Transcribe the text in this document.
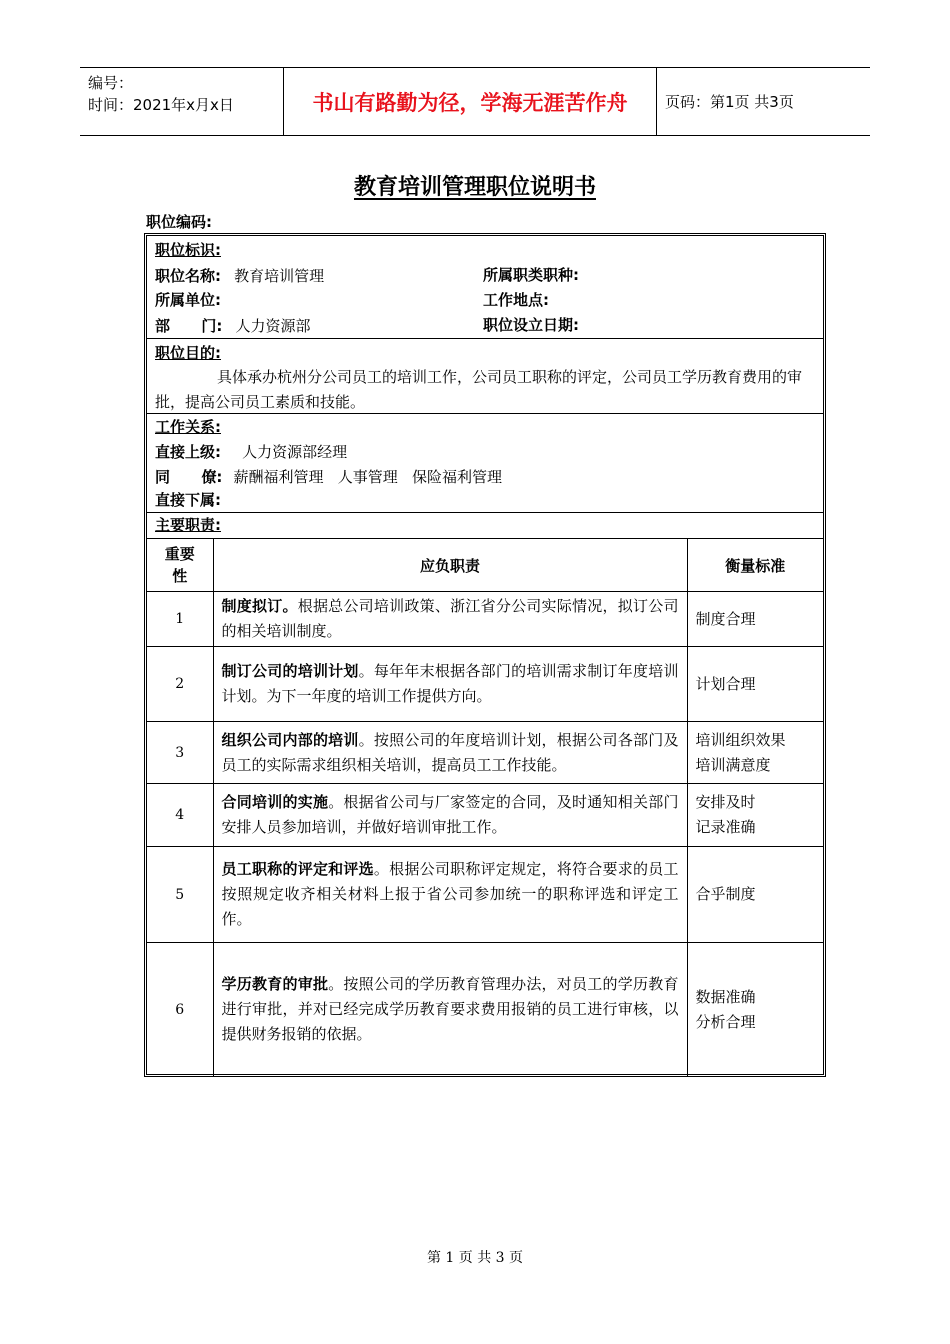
编号：
时间：2021年x月x日	书山有路勤为径，学海无涯苦作舟	页码：第1页 共3页
教育培训管理职位说明书
职位编码:
职位标识:
职位名称: 教育培训管理	所属职类职种:
所属单位:	工作地点:
部      门: 人力资源部	职位设立日期:
职位目的:

具体承办杭州分公司员工的培训工作，公司员工职称的评定，公司员工学历教育费用的审批，提高公司员工素质和技能。

工作关系:
直接上级: 人力资源部经理
同      僚: 薪酬福利管理   人事管理   保险福利管理
直接下属:
主要职责:
重要性	应负职责	衡量标准
1	制度拟订。根据总公司培训政策、浙江省分公司实际情况，拟订公司的相关培训制度。	制度合理

2	制订公司的培训计划。每年年末根据各部门的培训需求制订年度培训计划。为下一年度的培训工作提供方向。	计划合理

3	组织公司内部的培训。按照公司的年度培训计划，根据公司各部门及员工的实际需求组织相关培训，提高员工工作技能。	培训组织效果
培训满意度

4	合同培训的实施。根据省公司与厂家签定的合同，及时通知相关部门安排人员参加培训，并做好培训审批工作。	安排及时
记录准确

5	员工职称的评定和评选。根据公司职称评定规定，将符合要求的员工按照规定收齐相关材料上报于省公司参加统一的职称评选和评定工作。	合乎制度

6	学历教育的审批。按照公司的学历教育管理办法，对员工的学历教育进行审批，并对已经完成学历教育要求费用报销的员工进行审核，以提供财务报销的依据。	数据准确
分析合理
第 1 页 共 3 页
